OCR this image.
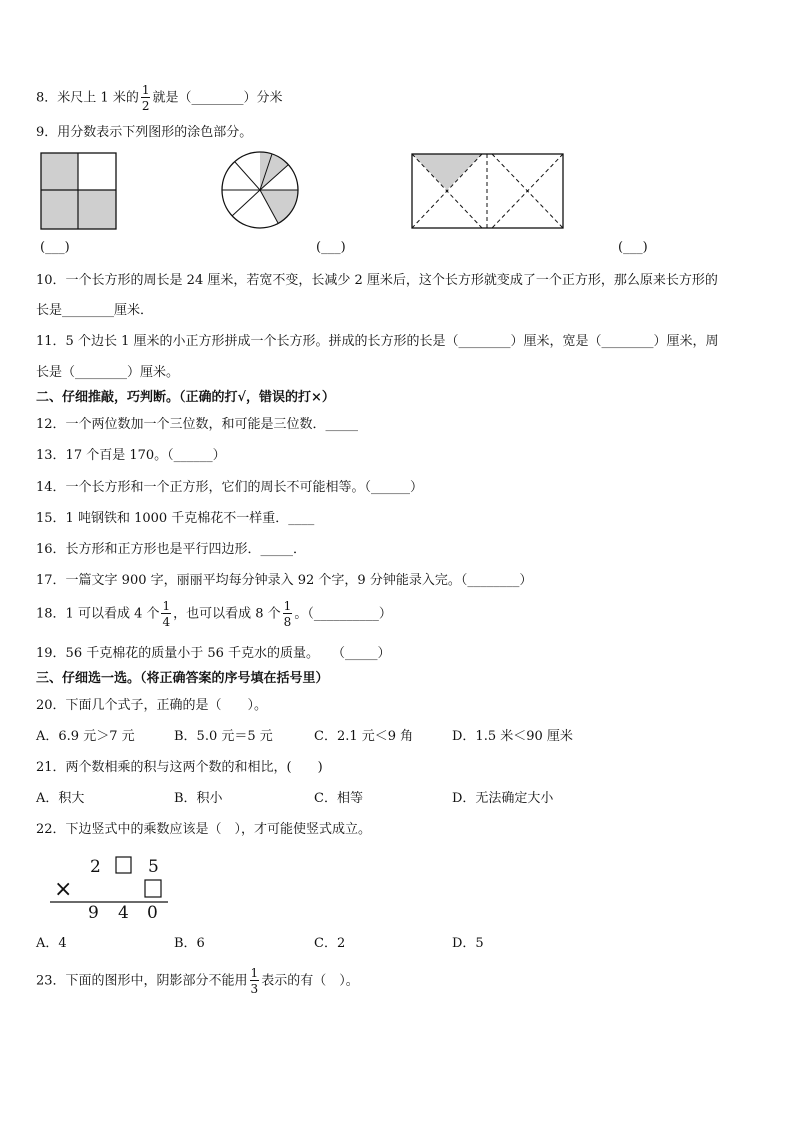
8．米尺上 1 米的 $\frac{1}{2}$ 就是（________）分米
9．用分数表示下列图形的涂色部分。
(___)	(___)	(___)
10．一个长方形的周长是 24 厘米，若宽不变，长减少 2 厘米后，这个长方形就变成了一个正方形，那么原来长方形的
长是________厘米．
11．5 个边长 1 厘米的小正方形拼成一个长方形。拼成的长方形的长是（________）厘米，宽是（________）厘米，周
长是（________）厘米。
二、仔细推敲，巧判断。（正确的打√，错误的打×）
12．一个两位数加一个三位数，和可能是三位数．_____
13．17 个百是 170。（______）
14．一个长方形和一个正方形，它们的周长不可能相等。（______）
15．1 吨钢铁和 1000 千克棉花不一样重．____
16．长方形和正方形也是平行四边形．_____．
17．一篇文字 900 字，丽丽平均每分钟录入 92 个字，9 分钟能录入完。（________）
18．1 可以看成 4 个 $\frac{1}{4}$ ，也可以看成 8 个 $\frac{1}{8}$ 。（__________）
19．56 千克棉花的质量小于 56 千克水的质量。　　（_____）
三、仔细选一选。（将正确答案的序号填在括号里）
20．下面几个式子，正确的是（　　）。
A．6.9 元＞7 元	B．5.0 元＝5 元	C．2.1 元＜9 角	D．1.5 米＜90 厘米
21．两个数相乘的积与这两个数的和相比，(　　)
A．积大	B．积小	C．相等	D．无法确定大小
22．下边竖式中的乘数应该是（　），才可能使竖式成立。
2	5
×
9 4 0
A．4	B．6	C．2	D．5
23．下面的图形中，阴影部分不能用 $\frac{1}{3}$ 表示的有（　）。
